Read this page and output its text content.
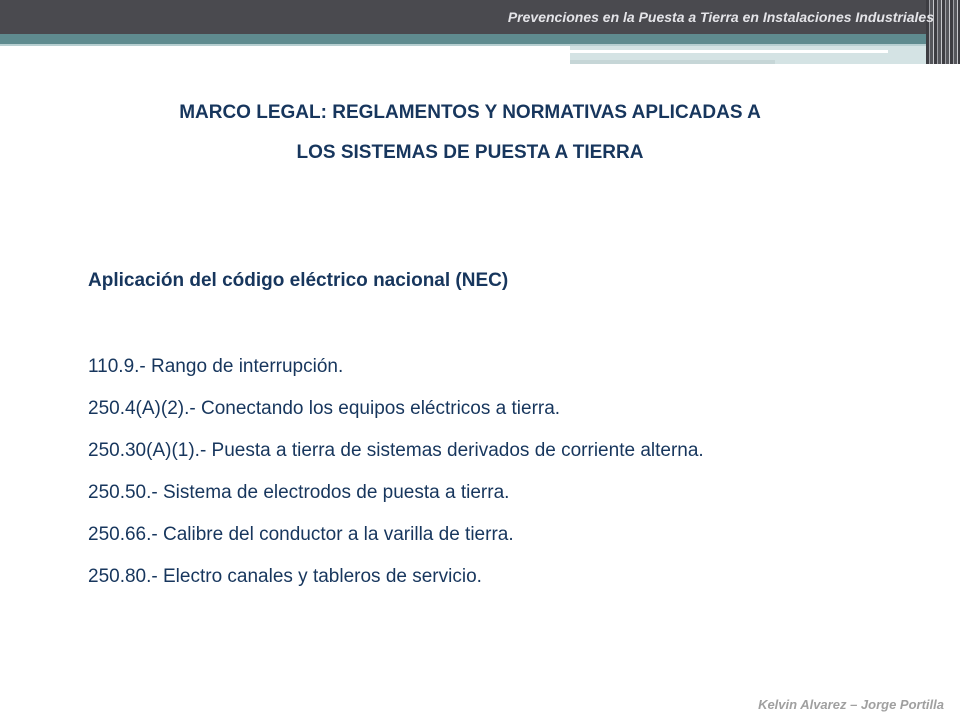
Prevenciones en la Puesta a Tierra en Instalaciones Industriales
MARCO LEGAL: REGLAMENTOS Y NORMATIVAS APLICADAS A
LOS SISTEMAS DE PUESTA A TIERRA
Aplicación del código eléctrico nacional (NEC)
110.9.- Rango de interrupción.
250.4(A)(2).- Conectando los equipos eléctricos a tierra.
250.30(A)(1).- Puesta a tierra de sistemas derivados de corriente alterna.
250.50.- Sistema de electrodos de puesta a tierra.
250.66.- Calibre del conductor a la varilla de tierra.
250.80.- Electro canales y tableros de servicio.
Kelvin Alvarez – Jorge Portilla
